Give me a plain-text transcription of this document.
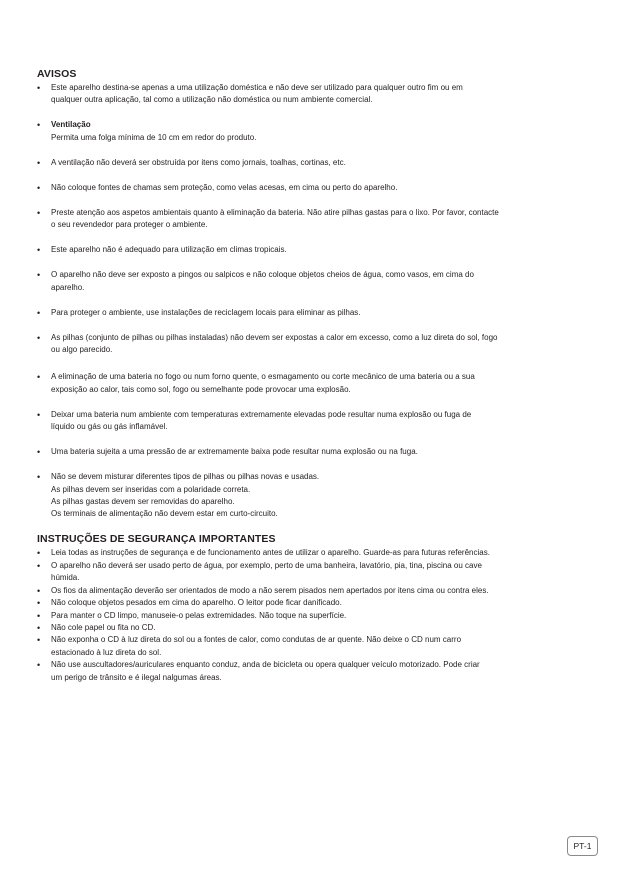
AVISOS
• Este aparelho destina-se apenas a uma utilização doméstica e não deve ser utilizado para qualquer outro fim ou em
qualquer outra aplicação, tal como a utilização não doméstica ou num ambiente comercial.
• Ventilação
Permita uma folga mínima de 10 cm em redor do produto.
• A ventilação não deverá ser obstruída por itens como jornais, toalhas, cortinas, etc.
• Não coloque fontes de chamas sem proteção, como velas acesas, em cima ou perto do aparelho.
• Preste atenção aos aspetos ambientais quanto à eliminação da bateria. Não atire pilhas gastas para o lixo. Por favor, contacte
o seu revendedor para proteger o ambiente.
• Este aparelho não é adequado para utilização em climas tropicais.
• O aparelho não deve ser exposto a pingos ou salpicos e não coloque objetos cheios de água, como vasos, em cima do
aparelho.
• Para proteger o ambiente, use instalações de reciclagem locais para eliminar as pilhas.
• As pilhas (conjunto de pilhas ou pilhas instaladas) não devem ser expostas a calor em excesso, como a luz direta do sol, fogo
ou algo parecido.
• A eliminação de uma bateria no fogo ou num forno quente, o esmagamento ou corte mecânico de uma bateria ou a sua
exposição ao calor, tais como sol, fogo ou semelhante pode provocar uma explosão.
• Deixar uma bateria num ambiente com temperaturas extremamente elevadas pode resultar numa explosão ou fuga de
líquido ou gás ou gás inflamável.
• Uma bateria sujeita a uma pressão de ar extremamente baixa pode resultar numa explosão ou na fuga.
• Não se devem misturar diferentes tipos de pilhas ou pilhas novas e usadas.
As pilhas devem ser inseridas com a polaridade correta.
As pilhas gastas devem ser removidas do aparelho.
Os terminais de alimentação não devem estar em curto-circuito.
INSTRUÇÕES DE SEGURANÇA IMPORTANTES
• Leia todas as instruções de segurança e de funcionamento antes de utilizar o aparelho. Guarde-as para futuras referências.
• O aparelho não deverá ser usado perto de água, por exemplo, perto de uma banheira, lavatório, pia, tina, piscina ou cave
húmida.
• Os fios da alimentação deverão ser orientados de modo a não serem pisados nem apertados por itens cima ou contra eles.
• Não coloque objetos pesados em cima do aparelho. O leitor pode ficar danificado.
• Para manter o CD limpo, manuseie-o pelas extremidades. Não toque na superfície.
• Não cole papel ou fita no CD.
• Não exponha o CD à luz direta do sol ou a fontes de calor, como condutas de ar quente. Não deixe o CD num carro
estacionado à luz direta do sol.
• Não use auscultadores/auriculares enquanto conduz, anda de bicicleta ou opera qualquer veículo motorizado. Pode criar
um perigo de trânsito e é ilegal nalgumas áreas.
PT-1
